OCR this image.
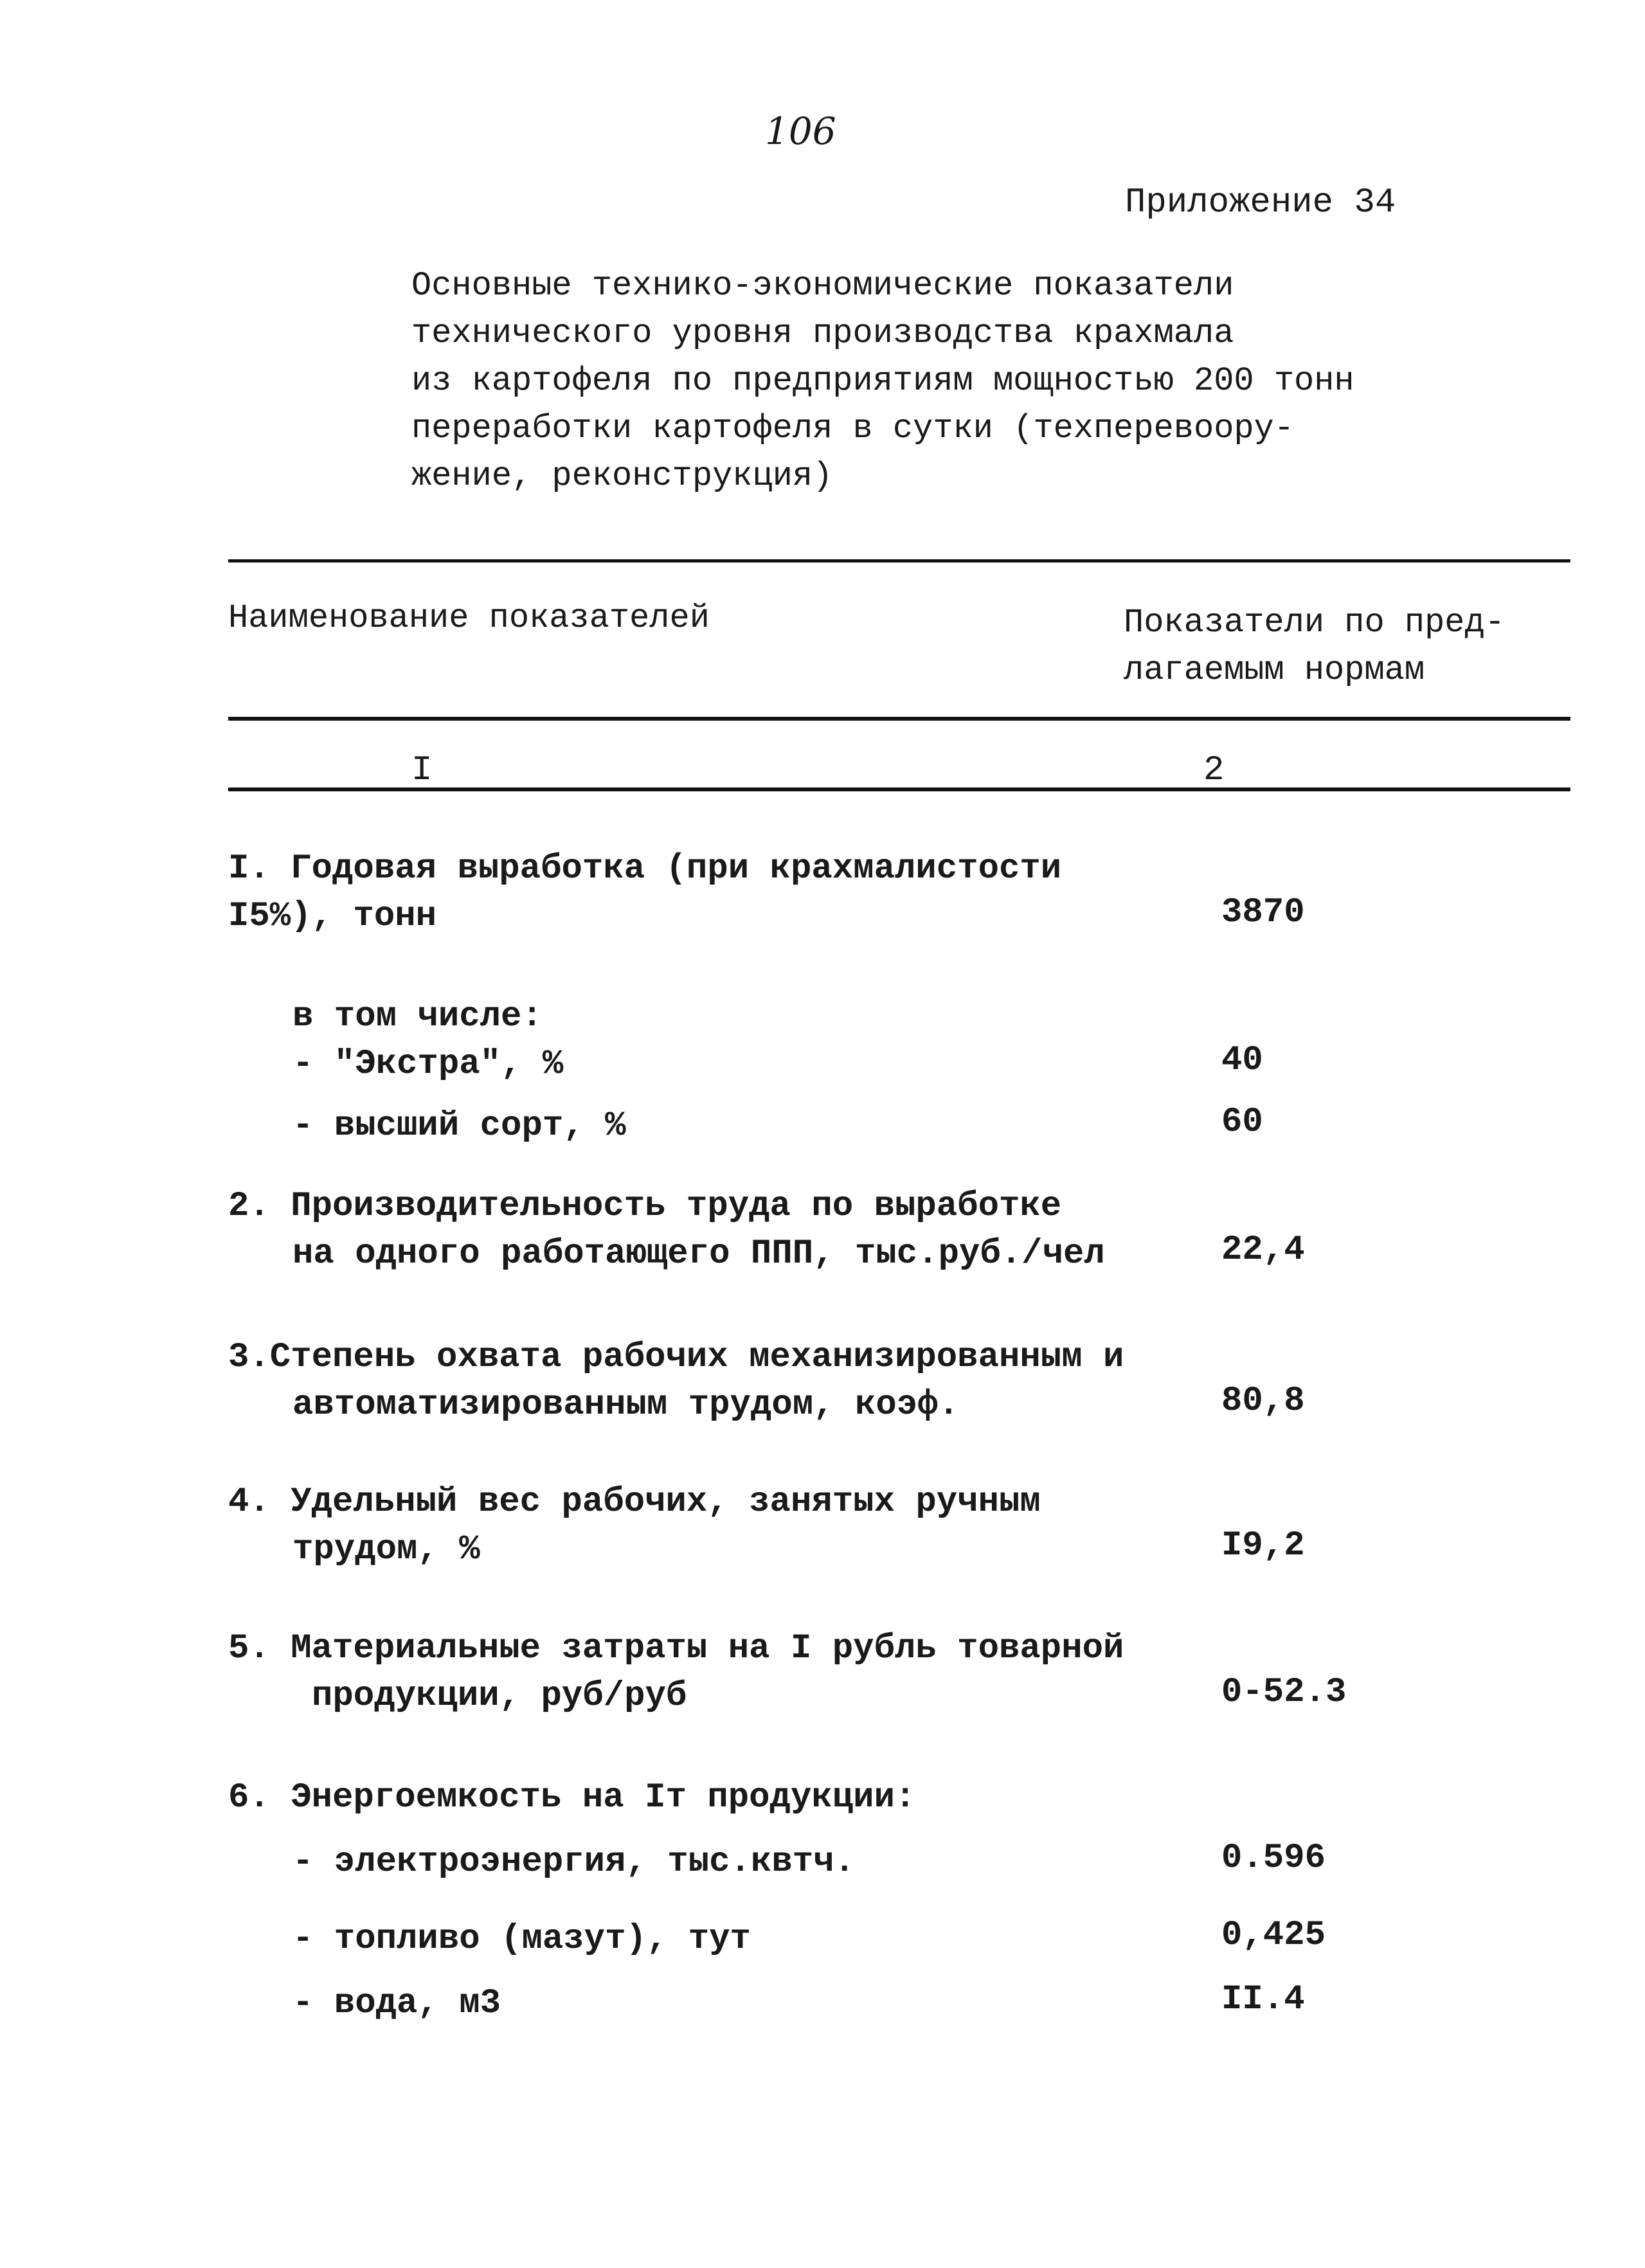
106
Приложение 34
Основные технико-экономические показатели
технического уровня производства крахмала
из картофеля по предприятиям мощностью 200 тонн
переработки картофеля в сутки (техперевоору-
жение, реконструкция)
Наименование показателей	Показатели по пред-
лагаемым нормам
I	2
I. Годовая выработка (при крахмалистости
I5%), тонн	3870
в том числе:
- "Экстра", %	40
- высший сорт, %	60
2. Производительность труда по выработке
на одного работающего ППП, тыс.руб./чел	22,4
3.Степень охвата рабочих механизированным и
автоматизированным трудом, коэф.	80,8
4. Удельный вес рабочих, занятых ручным
трудом, %	I9,2
5. Материальные затраты на I рубль товарной
продукции, руб/руб	0-52.3
6. Энергоемкость на Iт продукции:
- электроэнергия, тыс.квтч.	0.596
- топливо (мазут), тут	0,425
- вода, м3	II.4
